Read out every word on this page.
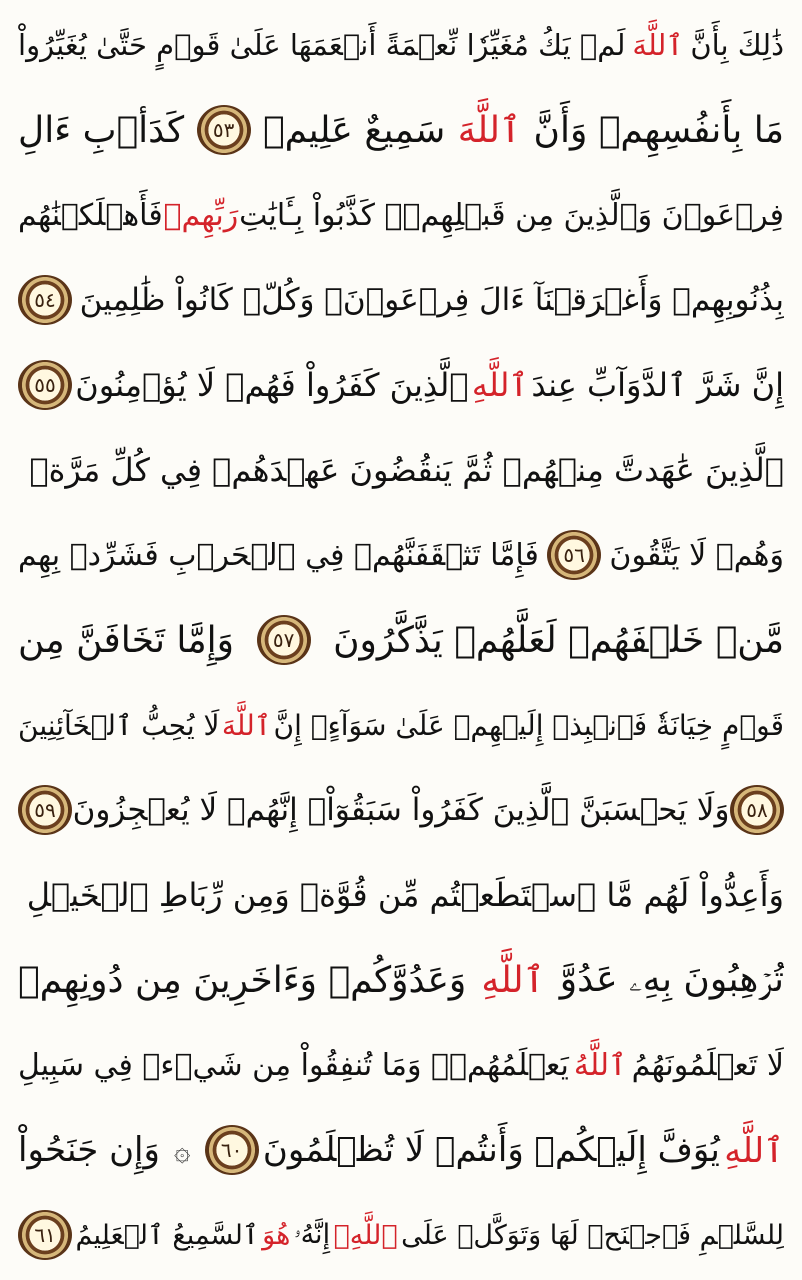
ذَٰلِكَ بِأَنَّ
ٱللَّهَ
لَمۡ يَكُ مُغَيِّرٗا نِّعۡمَةً أَنۡعَمَهَا عَلَىٰ قَوۡمٍ حَتَّىٰ يُغَيِّرُواْ
مَا بِأَنفُسِهِمۡ وَأَنَّ
ٱللَّهَ
سَمِيعٌ عَلِيمٞ
٥٣
كَدَأۡبِ ءَالِ
فِرۡعَوۡنَ وَٱلَّذِينَ مِن قَبۡلِهِمۡۚ كَذَّبُواْ بِـَٔايَٰتِ
رَبِّهِمۡ
فَأَهۡلَكۡنَٰهُم
بِذُنُوبِهِمۡ وَأَغۡرَقۡنَآ ءَالَ فِرۡعَوۡنَۚ وَكُلّٞ كَانُواْ ظَٰلِمِينَ
٥٤
إِنَّ شَرَّ ٱلدَّوَآبِّ عِندَ
ٱللَّهِ
ٱلَّذِينَ كَفَرُواْ فَهُمۡ لَا يُؤۡمِنُونَ
٥٥
ٱلَّذِينَ عَٰهَدتَّ مِنۡهُمۡ ثُمَّ يَنقُضُونَ عَهۡدَهُمۡ فِي كُلِّ مَرَّةٖ
وَهُمۡ لَا يَتَّقُونَ
٥٦
فَإِمَّا تَثۡقَفَنَّهُمۡ فِي ٱلۡحَرۡبِ فَشَرِّدۡ بِهِم
مَّنۡ خَلۡفَهُمۡ لَعَلَّهُمۡ يَذَّكَّرُونَ
٥٧
وَإِمَّا تَخَافَنَّ مِن
قَوۡمٍ خِيَانَةٗ فَٱنۢبِذۡ إِلَيۡهِمۡ عَلَىٰ سَوَآءٍۚ إِنَّ
ٱللَّهَ
لَا يُحِبُّ ٱلۡخَآئِنِينَ
٥٨
وَلَا يَحۡسَبَنَّ ٱلَّذِينَ كَفَرُواْ سَبَقُوٓاْۚ إِنَّهُمۡ لَا يُعۡجِزُونَ
٥٩
وَأَعِدُّواْ لَهُم مَّا ٱسۡتَطَعۡتُم مِّن قُوَّةٖ وَمِن رِّبَاطِ ٱلۡخَيۡلِ
تُرۡهِبُونَ بِهِۦ عَدُوَّ
ٱللَّهِ
وَعَدُوَّكُمۡ وَءَاخَرِينَ مِن دُونِهِمۡ
لَا تَعۡلَمُونَهُمُ
ٱللَّهُ
يَعۡلَمُهُمۡۚ وَمَا تُنفِقُواْ مِن شَيۡءٖ فِي سَبِيلِ
ٱللَّهِ
يُوَفَّ إِلَيۡكُمۡ وَأَنتُمۡ لَا تُظۡلَمُونَ
٦٠
۞
وَإِن جَنَحُواْ
لِلسَّلۡمِ فَٱجۡنَحۡ لَهَا وَتَوَكَّلۡ عَلَى
ٱللَّهِۚ
إِنَّهُۥ
هُوَ
ٱلسَّمِيعُ ٱلۡعَلِيمُ
٦١
